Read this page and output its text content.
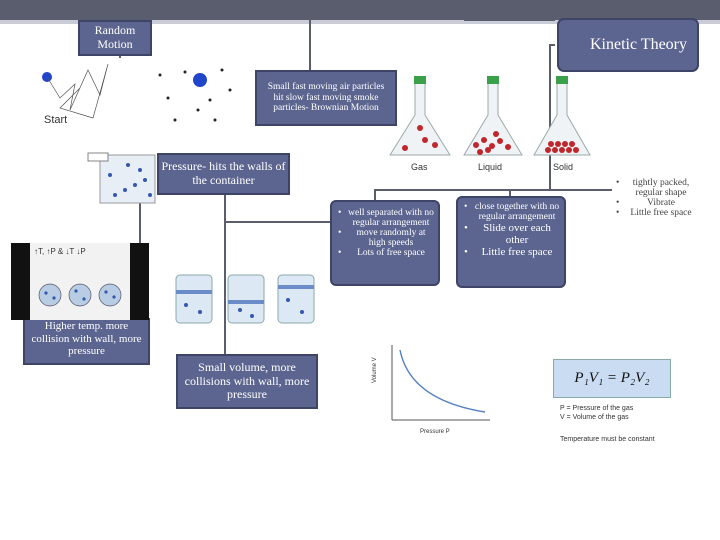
Random Motion	Kinetic Theory
Small fast moving air particles hit slow fast moving smoke particles- Brownian Motion
Pressure- hits the walls of the container
Higher temp. more collision with wall, more pressure
Small volume, more collisions with wall, more pressure
• well separated with no regular arrangement
• move randomly at high speeds
• Lots of free space
• close together with no regular arrangement
• Slide over each other
• Little free space
• tightly packed, regular shape
• Vibrate
• Little free space
Start
↑T, ↑P & ↓T ↓P
Gas	Liquid	Solid
Volume V
Pressure P
P₁V₁ = P₂V₂
P = Pressure of the gas
V = Volume of the gas
Temperature must be constant
